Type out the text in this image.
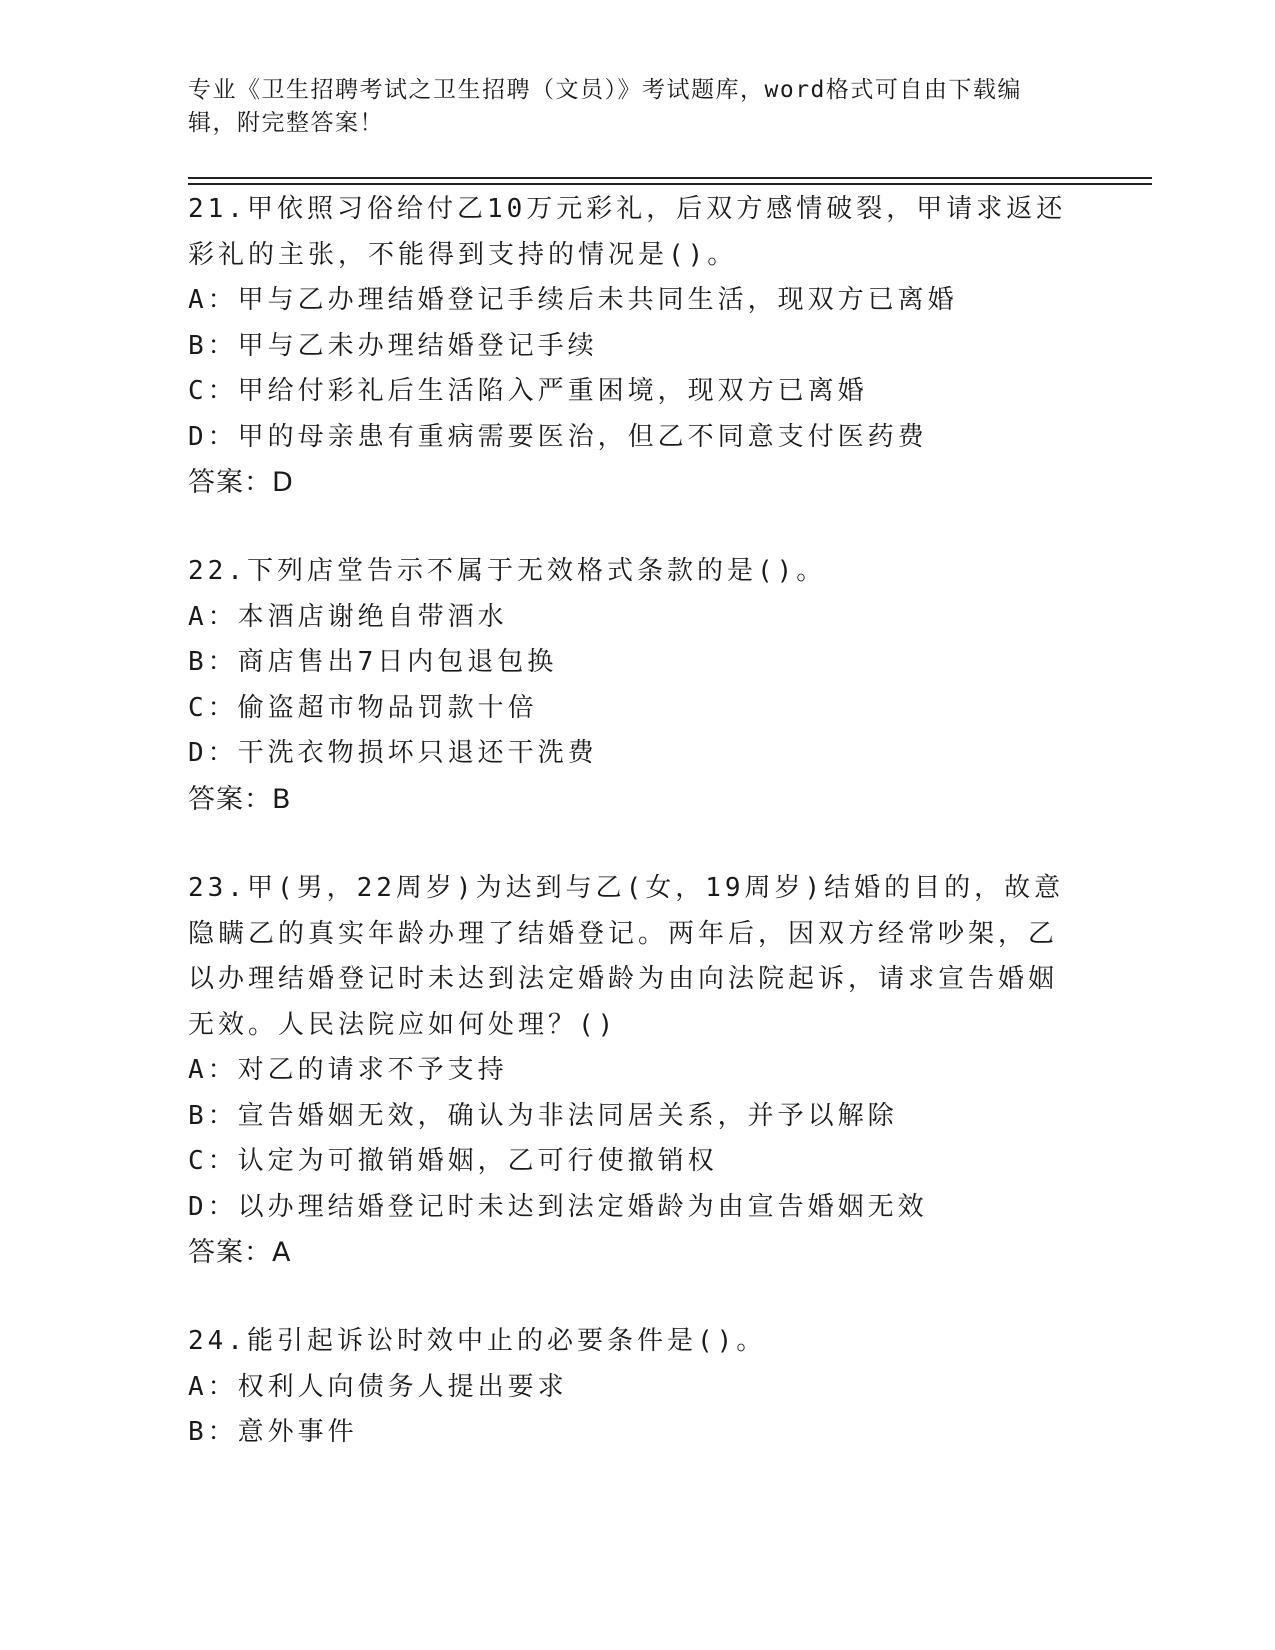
专业《卫生招聘考试之卫生招聘（文员）》考试题库，word格式可自由下载编辑，附完整答案！

21.甲依照习俗给付乙10万元彩礼，后双方感情破裂，甲请求返还彩礼的主张，不能得到支持的情况是()。

A：甲与乙办理结婚登记手续后未共同生活，现双方已离婚

B：甲与乙未办理结婚登记手续

C：甲给付彩礼后生活陷入严重困境，现双方已离婚

D：甲的母亲患有重病需要医治，但乙不同意支付医药费

答案：D

22.下列店堂告示不属于无效格式条款的是()。

A：本酒店谢绝自带酒水

B：商店售出7日内包退包换

C：偷盗超市物品罚款十倍

D：干洗衣物损坏只退还干洗费

答案：B

23.甲(男，22周岁)为达到与乙(女，19周岁)结婚的目的，故意隐瞒乙的真实年龄办理了结婚登记。两年后，因双方经常吵架，乙以办理结婚登记时未达到法定婚龄为由向法院起诉，请求宣告婚姻无效。人民法院应如何处理？()

A：对乙的请求不予支持

B：宣告婚姻无效，确认为非法同居关系，并予以解除

C：认定为可撤销婚姻，乙可行使撤销权

D：以办理结婚登记时未达到法定婚龄为由宣告婚姻无效

答案：A

24.能引起诉讼时效中止的必要条件是()。

A：权利人向债务人提出要求

B：意外事件
